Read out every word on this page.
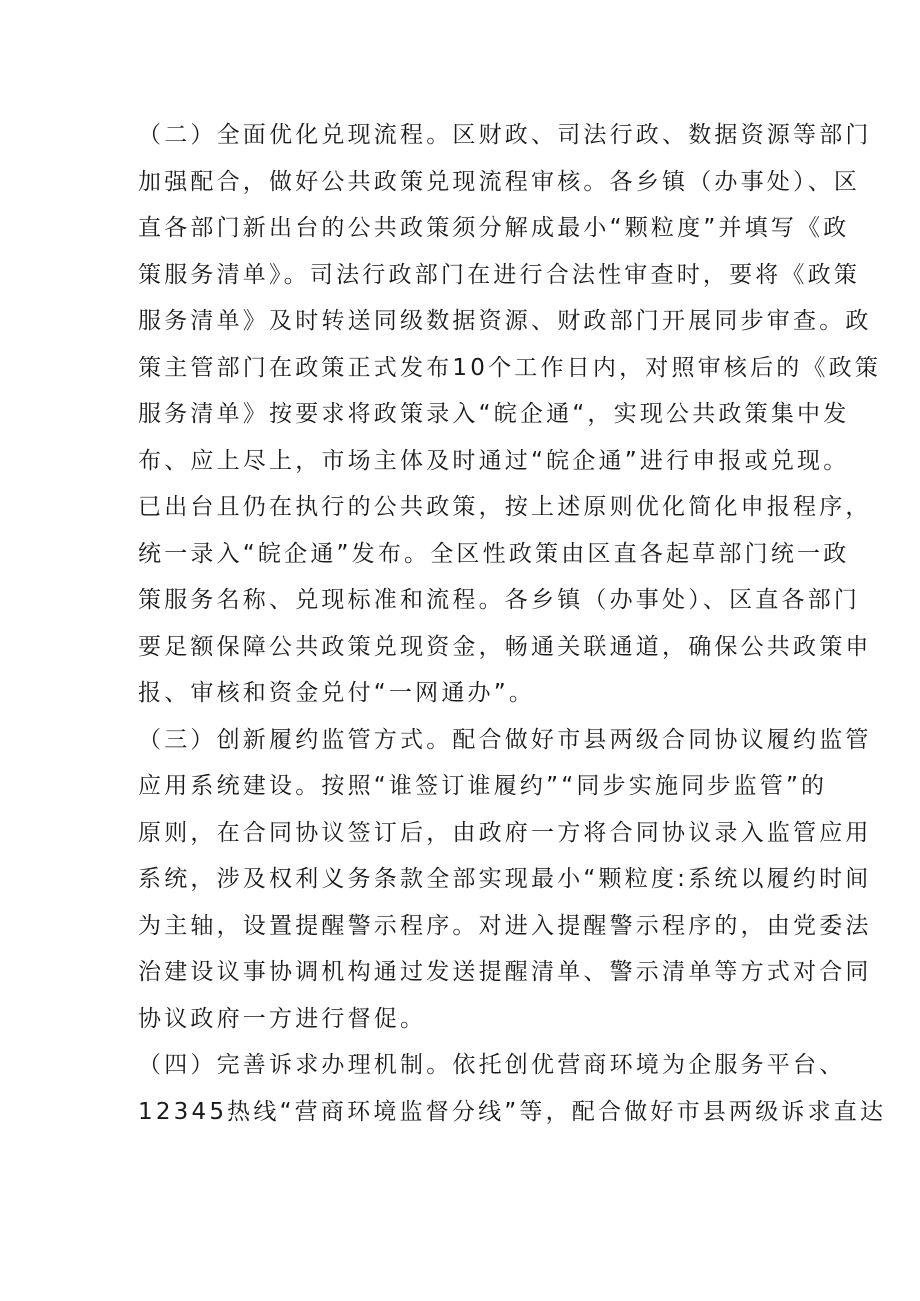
（二）全面优化兑现流程。区财政、司法行政、数据资源等部门
加强配合，做好公共政策兑现流程审核。各乡镇（办事处）、区
直各部门新出台的公共政策须分解成最小“颗粒度”并填写《政
策服务清单》。司法行政部门在进行合法性审查时，要将《政策
服务清单》及时转送同级数据资源、财政部门开展同步审查。政
策主管部门在政策正式发布10个工作日内，对照审核后的《政策
服务清单》按要求将政策录入“皖企通“，实现公共政策集中发
布、应上尽上，市场主体及时通过“皖企通”进行申报或兑现。
已出台且仍在执行的公共政策，按上述原则优化简化申报程序，
统一录入“皖企通”发布。全区性政策由区直各起草部门统一政
策服务名称、兑现标准和流程。各乡镇（办事处）、区直各部门
要足额保障公共政策兑现资金，畅通关联通道，确保公共政策申
报、审核和资金兑付“一网通办”。
（三）创新履约监管方式。配合做好市县两级合同协议履约监管
应用系统建设。按照“谁签订谁履约”“同步实施同步监管”的
原则，在合同协议签订后，由政府一方将合同协议录入监管应用
系统，涉及权利义务条款全部实现最小“颗粒度:系统以履约时间
为主轴，设置提醒警示程序。对进入提醒警示程序的，由党委法
治建设议事协调机构通过发送提醒清单、警示清单等方式对合同
协议政府一方进行督促。
（四）完善诉求办理机制。依托创优营商环境为企服务平台、
12345热线“营商环境监督分线”等，配合做好市县两级诉求直达
